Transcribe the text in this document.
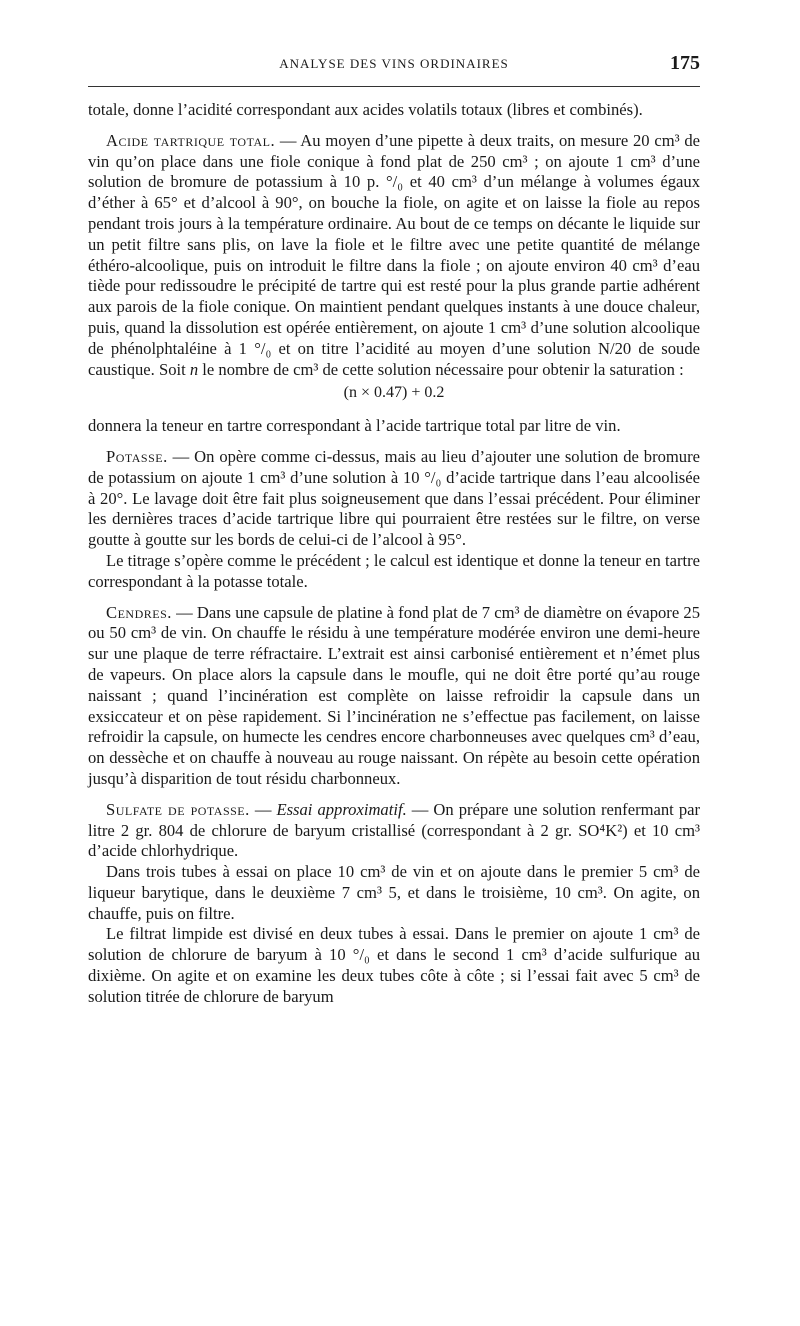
ANALYSE DES VINS ORDINAIRES	175

totale, donne l’acidité correspondant aux acides volatils totaux (libres et combinés).

Acide tartrique total. — Au moyen d’une pipette à deux traits, on mesure 20 cm³ de vin qu’on place dans une fiole conique à fond plat de 250 cm³ ; on ajoute 1 cm³ d’une solution de bromure de potassium à 10 p. °/₀ et 40 cm³ d’un mélange à volumes égaux d’éther à 65° et d’alcool à 90°, on bouche la fiole, on agite et on laisse la fiole au repos pendant trois jours à la température ordinaire. Au bout de ce temps on décante le liquide sur un petit filtre sans plis, on lave la fiole et le filtre avec une petite quantité de mélange éthéro-alcoolique, puis on introduit le filtre dans la fiole ; on ajoute environ 40 cm³ d’eau tiède pour redissoudre le précipité de tartre qui est resté pour la plus grande partie adhérent aux parois de la fiole conique. On maintient pendant quelques instants à une douce chaleur, puis, quand la dissolution est opérée entièrement, on ajoute 1 cm³ d’une solution alcoolique de phénolphtaléine à 1 °/₀ et on titre l’acidité au moyen d’une solution N/20 de soude caustique. Soit n le nombre de cm³ de cette solution nécessaire pour obtenir la saturation :

(n × 0.47) + 0.2

donnera la teneur en tartre correspondant à l’acide tartrique total par litre de vin.

Potasse. — On opère comme ci-dessus, mais au lieu d’ajouter une solution de bromure de potassium on ajoute 1 cm³ d’une solution à 10 °/₀ d’acide tartrique dans l’eau alcoolisée à 20°. Le lavage doit être fait plus soigneusement que dans l’essai précédent. Pour éliminer les dernières traces d’acide tartrique libre qui pourraient être restées sur le filtre, on verse goutte à goutte sur les bords de celui-ci de l’alcool à 95°.

Le titrage s’opère comme le précédent ; le calcul est identique et donne la teneur en tartre correspondant à la potasse totale.

Cendres. — Dans une capsule de platine à fond plat de 7 cm³ de diamètre on évapore 25 ou 50 cm³ de vin. On chauffe le résidu à une température modérée environ une demi-heure sur une plaque de terre réfractaire. L’extrait est ainsi carbonisé entièrement et n’émet plus de vapeurs. On place alors la capsule dans le moufle, qui ne doit être porté qu’au rouge naissant ; quand l’incinération est complète on laisse refroidir la capsule dans un exsiccateur et on pèse rapidement. Si l’incinération ne s’effectue pas facilement, on laisse refroidir la capsule, on humecte les cendres encore charbonneuses avec quelques cm³ d’eau, on dessèche et on chauffe à nouveau au rouge naissant. On répète au besoin cette opération jusqu’à disparition de tout résidu charbonneux.

Sulfate de potasse. — Essai approximatif. — On prépare une solution renfermant par litre 2 gr. 804 de chlorure de baryum cristallisé (correspondant à 2 gr. SO⁴K²) et 10 cm³ d’acide chlorhydrique.

Dans trois tubes à essai on place 10 cm³ de vin et on ajoute dans le premier 5 cm³ de liqueur barytique, dans le deuxième 7 cm³ 5, et dans le troisième, 10 cm³. On agite, on chauffe, puis on filtre.

Le filtrat limpide est divisé en deux tubes à essai. Dans le premier on ajoute 1 cm³ de solution de chlorure de baryum à 10 °/₀ et dans le second 1 cm³ d’acide sulfurique au dixième. On agite et on examine les deux tubes côte à côte ; si l’essai fait avec 5 cm³ de solution titrée de chlorure de baryum
